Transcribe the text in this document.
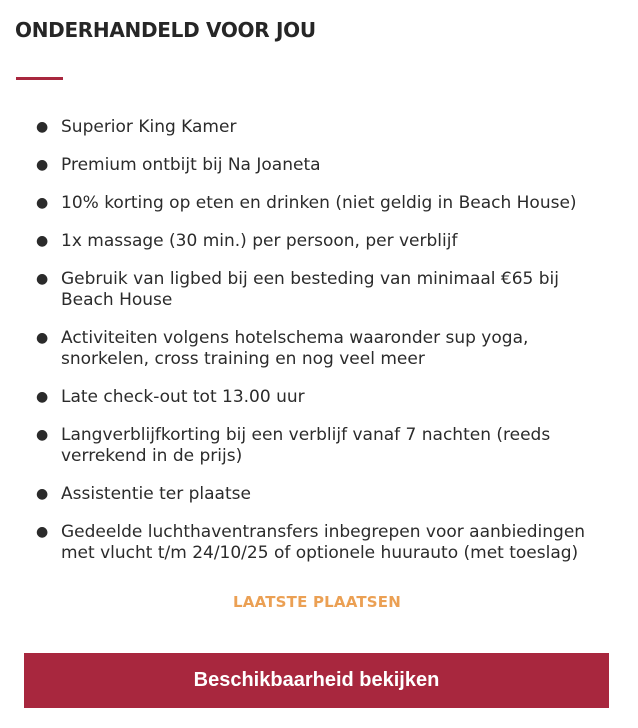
ONDERHANDELD VOOR JOU
● Superior King Kamer
● Premium ontbijt bij Na Joaneta
● 10% korting op eten en drinken (niet geldig in Beach House)
● 1x massage (30 min.) per persoon, per verblijf
● Gebruik van ligbed bij een besteding van minimaal €65 bij Beach House
● Activiteiten volgens hotelschema waaronder sup yoga, snorkelen, cross training en nog veel meer
● Late check-out tot 13.00 uur
● Langverblijfkorting bij een verblijf vanaf 7 nachten (reeds verrekend in de prijs)
● Assistentie ter plaatse
● Gedeelde luchthaventransfers inbegrepen voor aanbiedingen met vlucht t/m 24/10/25 of optionele huurauto (met toeslag)
LAATSTE PLAATSEN
Beschikbaarheid bekijken
